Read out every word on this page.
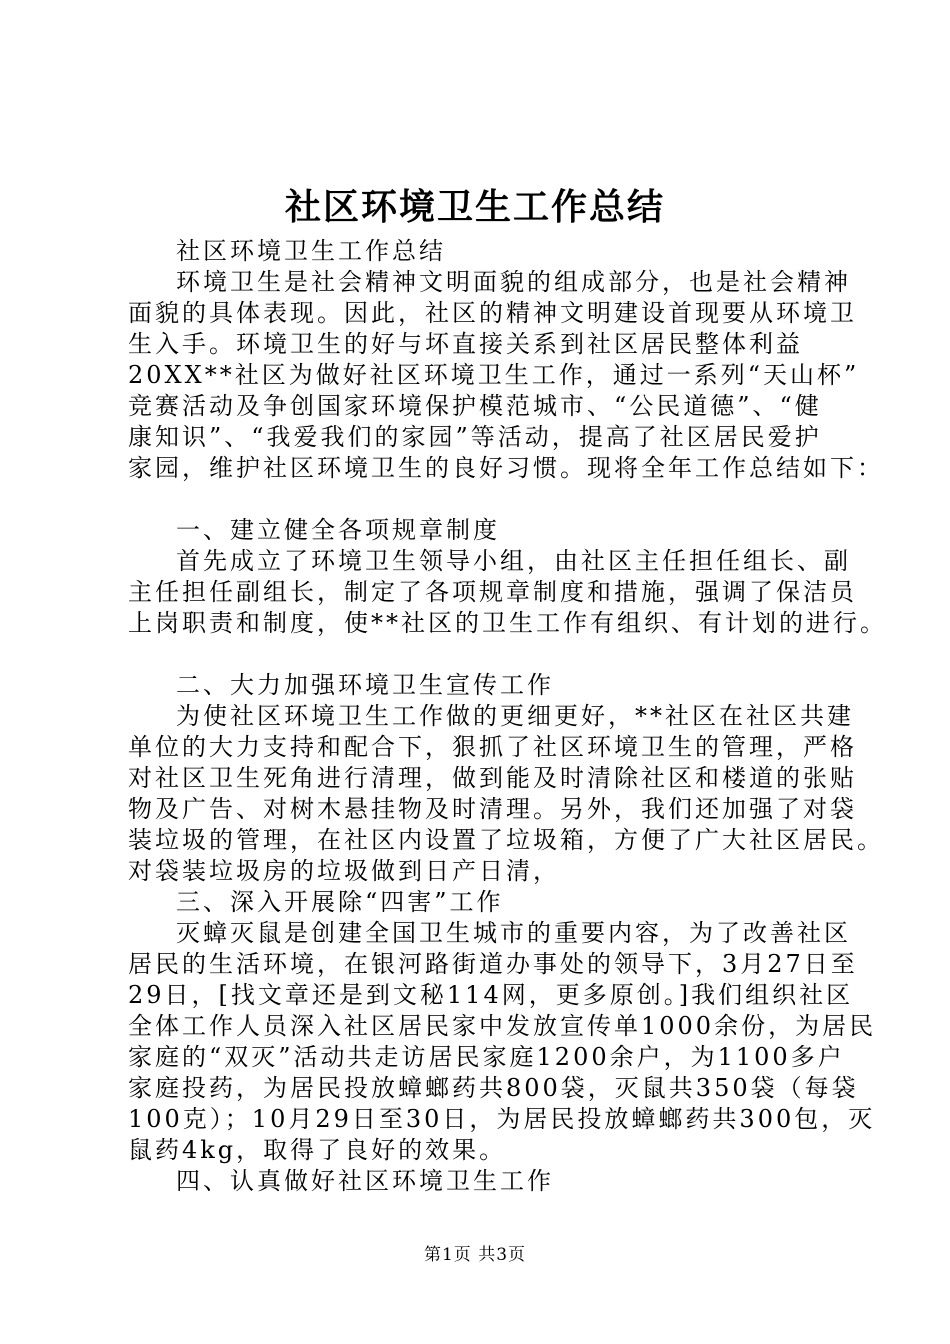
社区环境卫生工作总结
社区环境卫生工作总结
环境卫生是社会精神文明面貌的组成部分，也是社会精神
面貌的具体表现。因此，社区的精神文明建设首现要从环境卫
生入手。环境卫生的好与坏直接关系到社区居民整体利益
20XX**社区为做好社区环境卫生工作，通过一系列“天山杯”
竞赛活动及争创国家环境保护模范城市、“公民道德”、“健
康知识”、“我爱我们的家园”等活动，提高了社区居民爱护
家园，维护社区环境卫生的良好习惯。现将全年工作总结如下：
一、建立健全各项规章制度
首先成立了环境卫生领导小组，由社区主任担任组长、副
主任担任副组长，制定了各项规章制度和措施，强调了保洁员
上岗职责和制度，使**社区的卫生工作有组织、有计划的进行。
二、大力加强环境卫生宣传工作
为使社区环境卫生工作做的更细更好，**社区在社区共建
单位的大力支持和配合下，狠抓了社区环境卫生的管理，严格
对社区卫生死角进行清理，做到能及时清除社区和楼道的张贴
物及广告、对树木悬挂物及时清理。另外，我们还加强了对袋
装垃圾的管理，在社区内设置了垃圾箱，方便了广大社区居民。
对袋装垃圾房的垃圾做到日产日清，
三、深入开展除“四害”工作
灭蟑灭鼠是创建全国卫生城市的重要内容，为了改善社区
居民的生活环境，在银河路街道办事处的领导下，3月27日至
29日，[找文章还是到文秘114网，更多原创。]我们组织社区
全体工作人员深入社区居民家中发放宣传单1000余份，为居民
家庭的“双灭”活动共走访居民家庭1200余户，为1100多户
家庭投药，为居民投放蟑螂药共800袋，灭鼠共350袋（每袋
100克）；10月29日至30日，为居民投放蟑螂药共300包，灭
鼠药4kg，取得了良好的效果。
四、认真做好社区环境卫生工作
第1页 共3页
